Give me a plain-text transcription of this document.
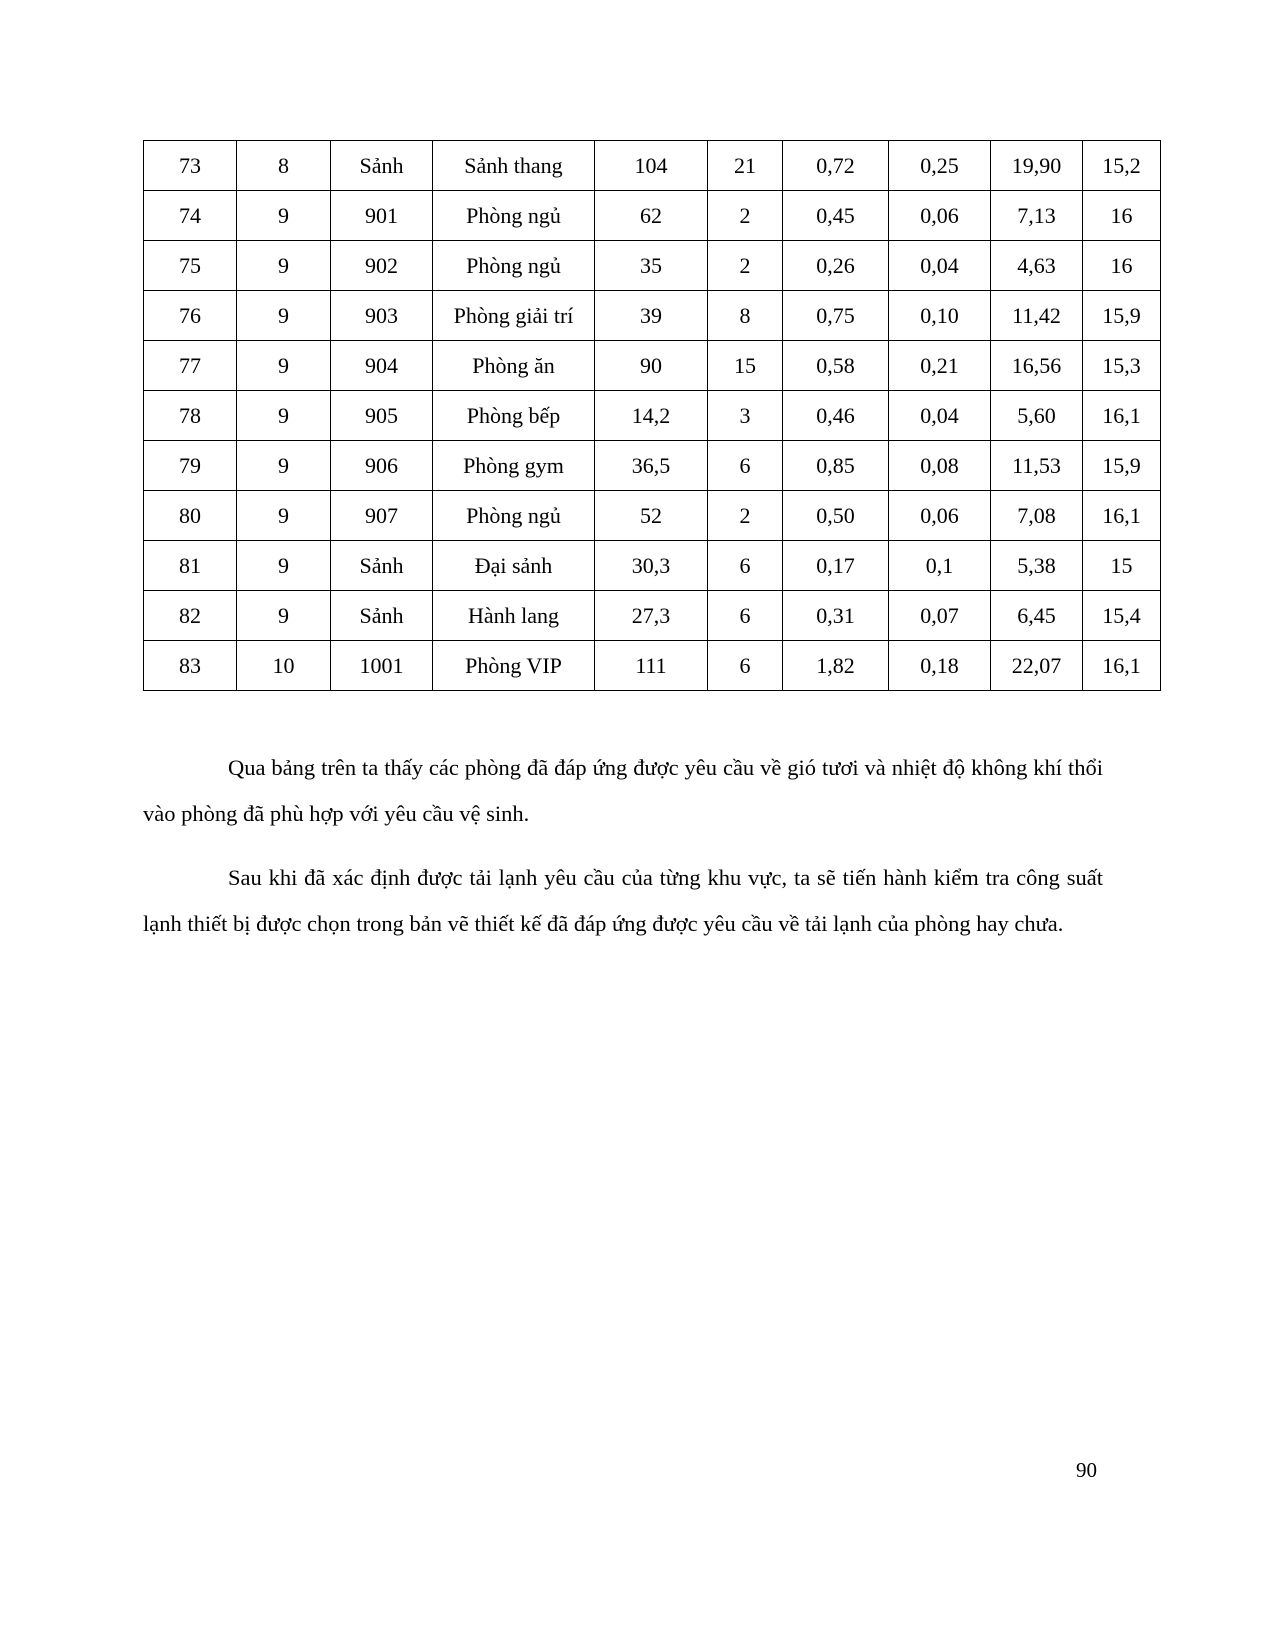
73	8	Sảnh	Sảnh thang	104	21	0,72	0,25	19,90	15,2
74	9	901	Phòng ngủ	62	2	0,45	0,06	7,13	16
75	9	902	Phòng ngủ	35	2	0,26	0,04	4,63	16
76	9	903	Phòng giải trí	39	8	0,75	0,10	11,42	15,9
77	9	904	Phòng ăn	90	15	0,58	0,21	16,56	15,3
78	9	905	Phòng bếp	14,2	3	0,46	0,04	5,60	16,1
79	9	906	Phòng gym	36,5	6	0,85	0,08	11,53	15,9
80	9	907	Phòng ngủ	52	2	0,50	0,06	7,08	16,1
81	9	Sảnh	Đại sảnh	30,3	6	0,17	0,1	5,38	15
82	9	Sảnh	Hành lang	27,3	6	0,31	0,07	6,45	15,4
83	10	1001	Phòng VIP	111	6	1,82	0,18	22,07	16,1

Qua bảng trên ta thấy các phòng đã đáp ứng được yêu cầu về gió tươi và nhiệt độ không khí thổi vào phòng đã phù hợp với yêu cầu vệ sinh.

Sau khi đã xác định được tải lạnh yêu cầu của từng khu vực, ta sẽ tiến hành kiểm tra công suất lạnh thiết bị được chọn trong bản vẽ thiết kế đã đáp ứng được yêu cầu về tải lạnh của phòng hay chưa.

90
